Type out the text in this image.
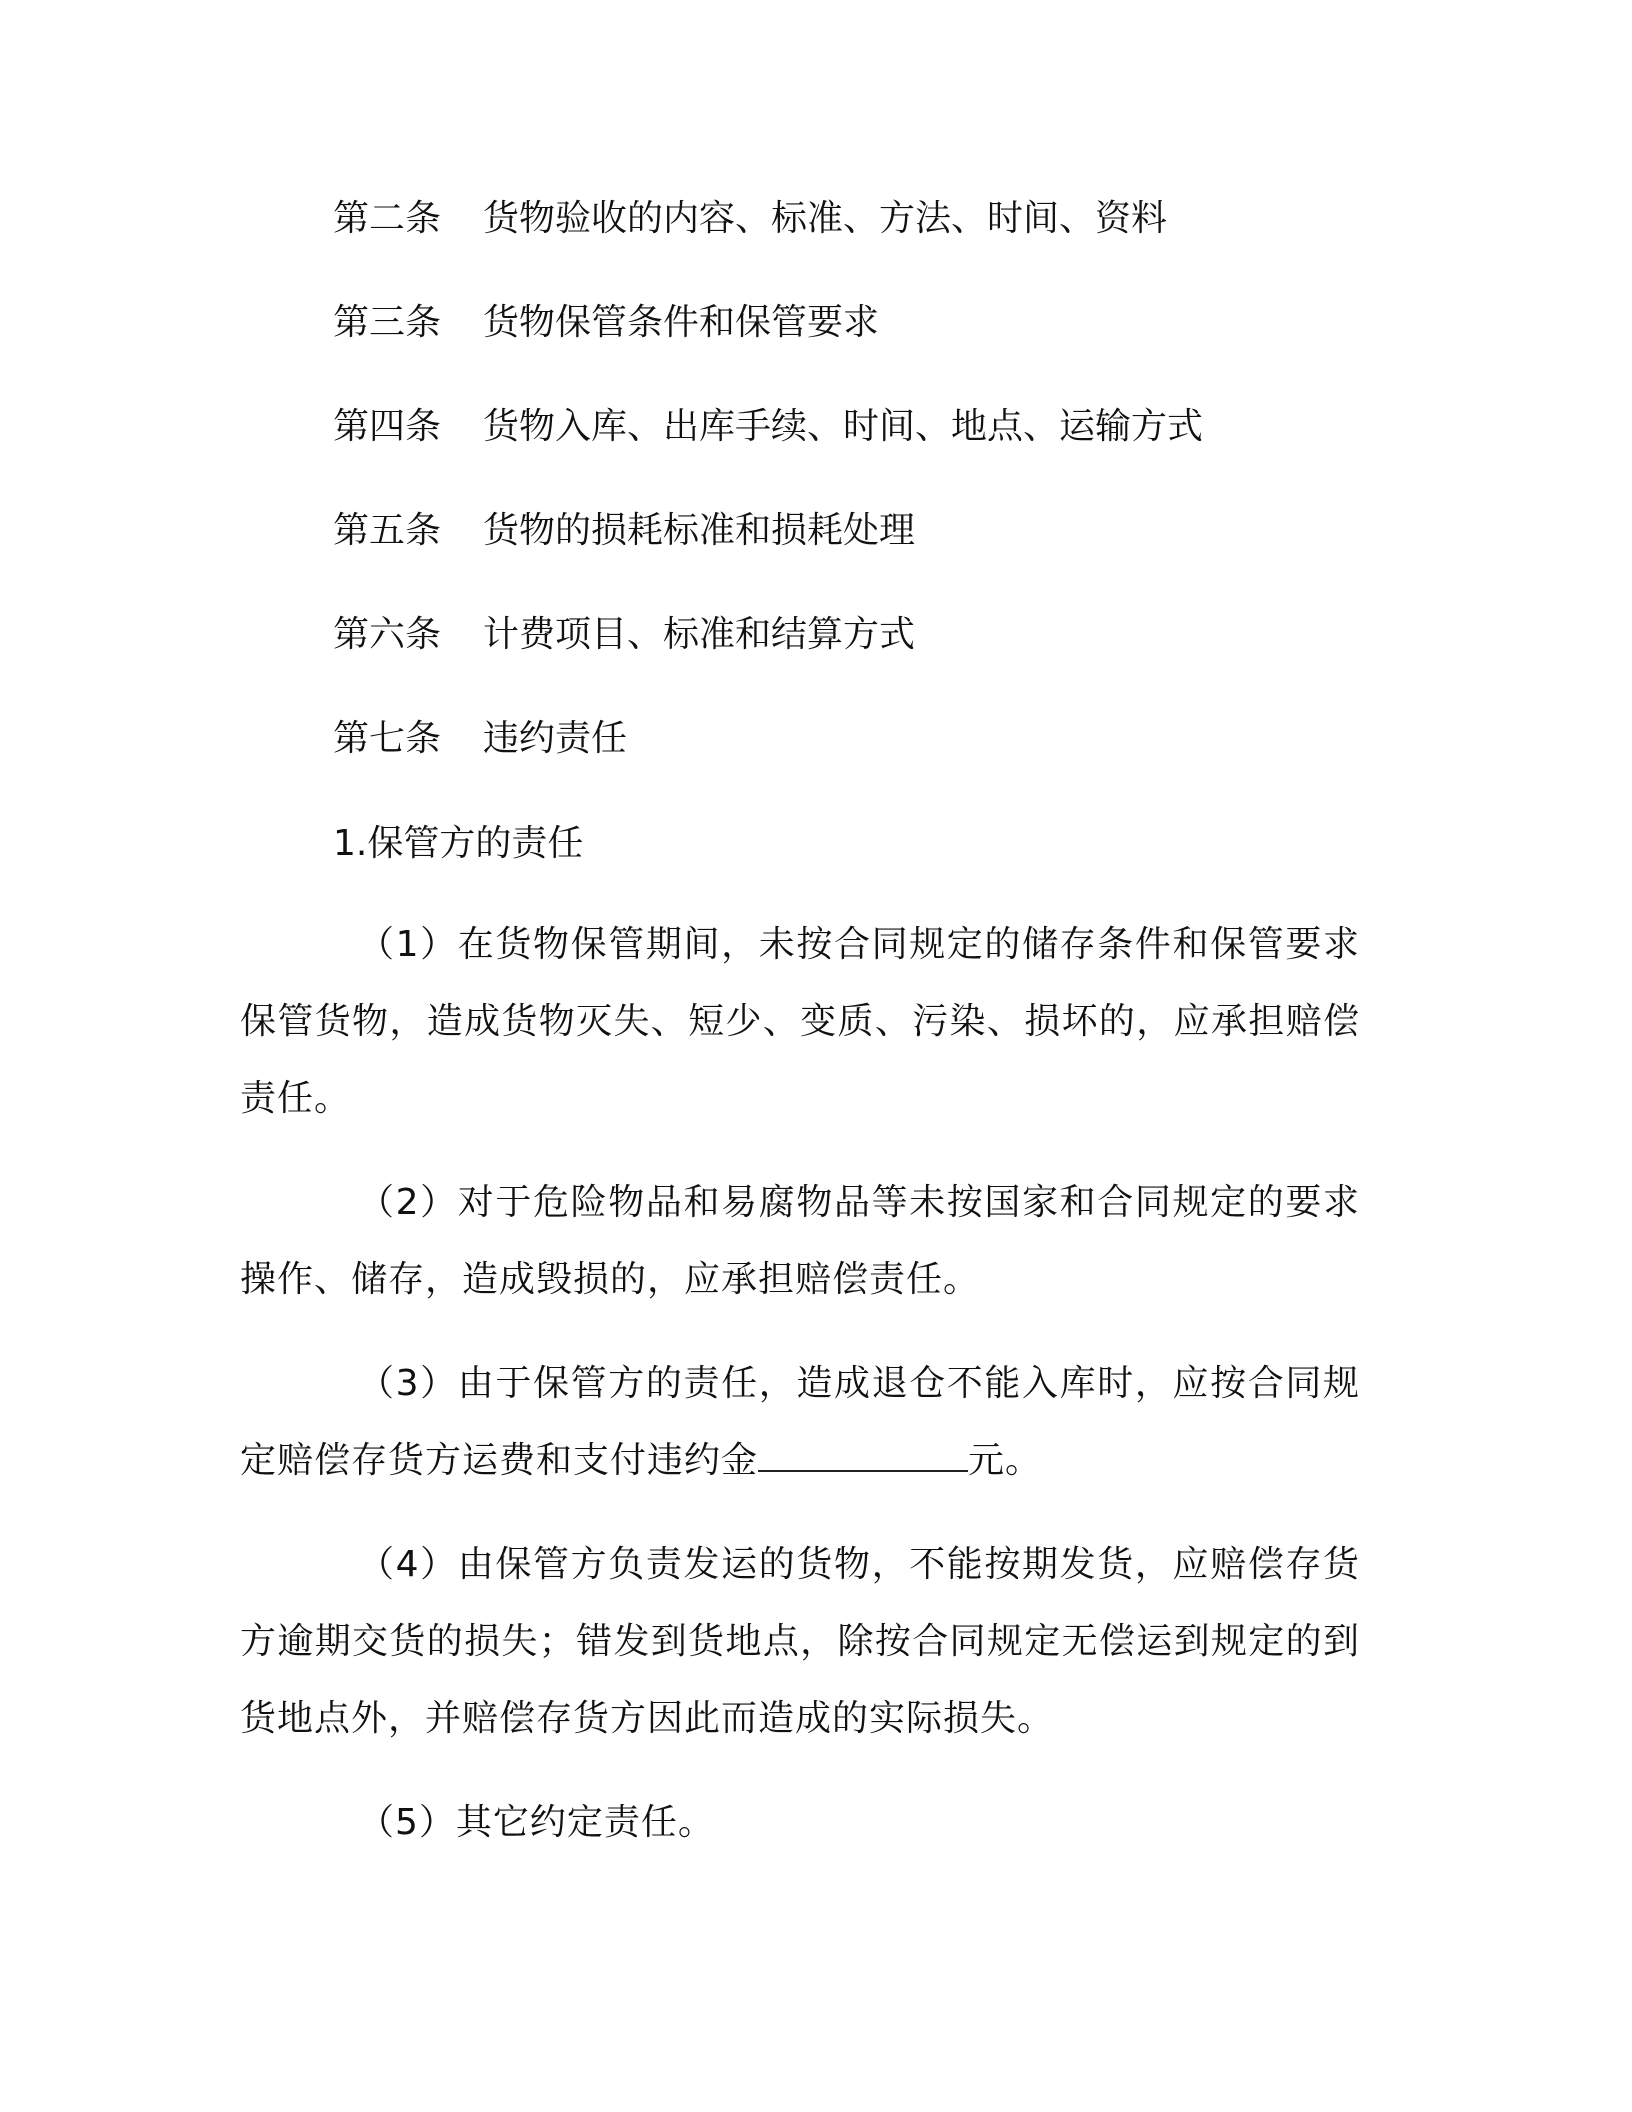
第二条	货物验收的内容、标准、方法、时间、资料
第三条	货物保管条件和保管要求
第四条	货物入库、出库手续、时间、地点、运输方式
第五条	货物的损耗标准和损耗处理
第六条	计费项目、标准和结算方式
第七条	违约责任
1.保管方的责任

（1）在货物保管期间，未按合同规定的储存条件和保管要求保管货物，造成货物灭失、短少、变质、污染、损坏的，应承担赔偿责任。

（2）对于危险物品和易腐物品等未按国家和合同规定的要求操作、储存，造成毁损的，应承担赔偿责任。

（3）由于保管方的责任，造成退仓不能入库时，应按合同规定赔偿存货方运费和支付违约金	元。

（4）由保管方负责发运的货物，不能按期发货，应赔偿存货方逾期交货的损失；错发到货地点，除按合同规定无偿运到规定的到货地点外，并赔偿存货方因此而造成的实际损失。

（5）其它约定责任。
